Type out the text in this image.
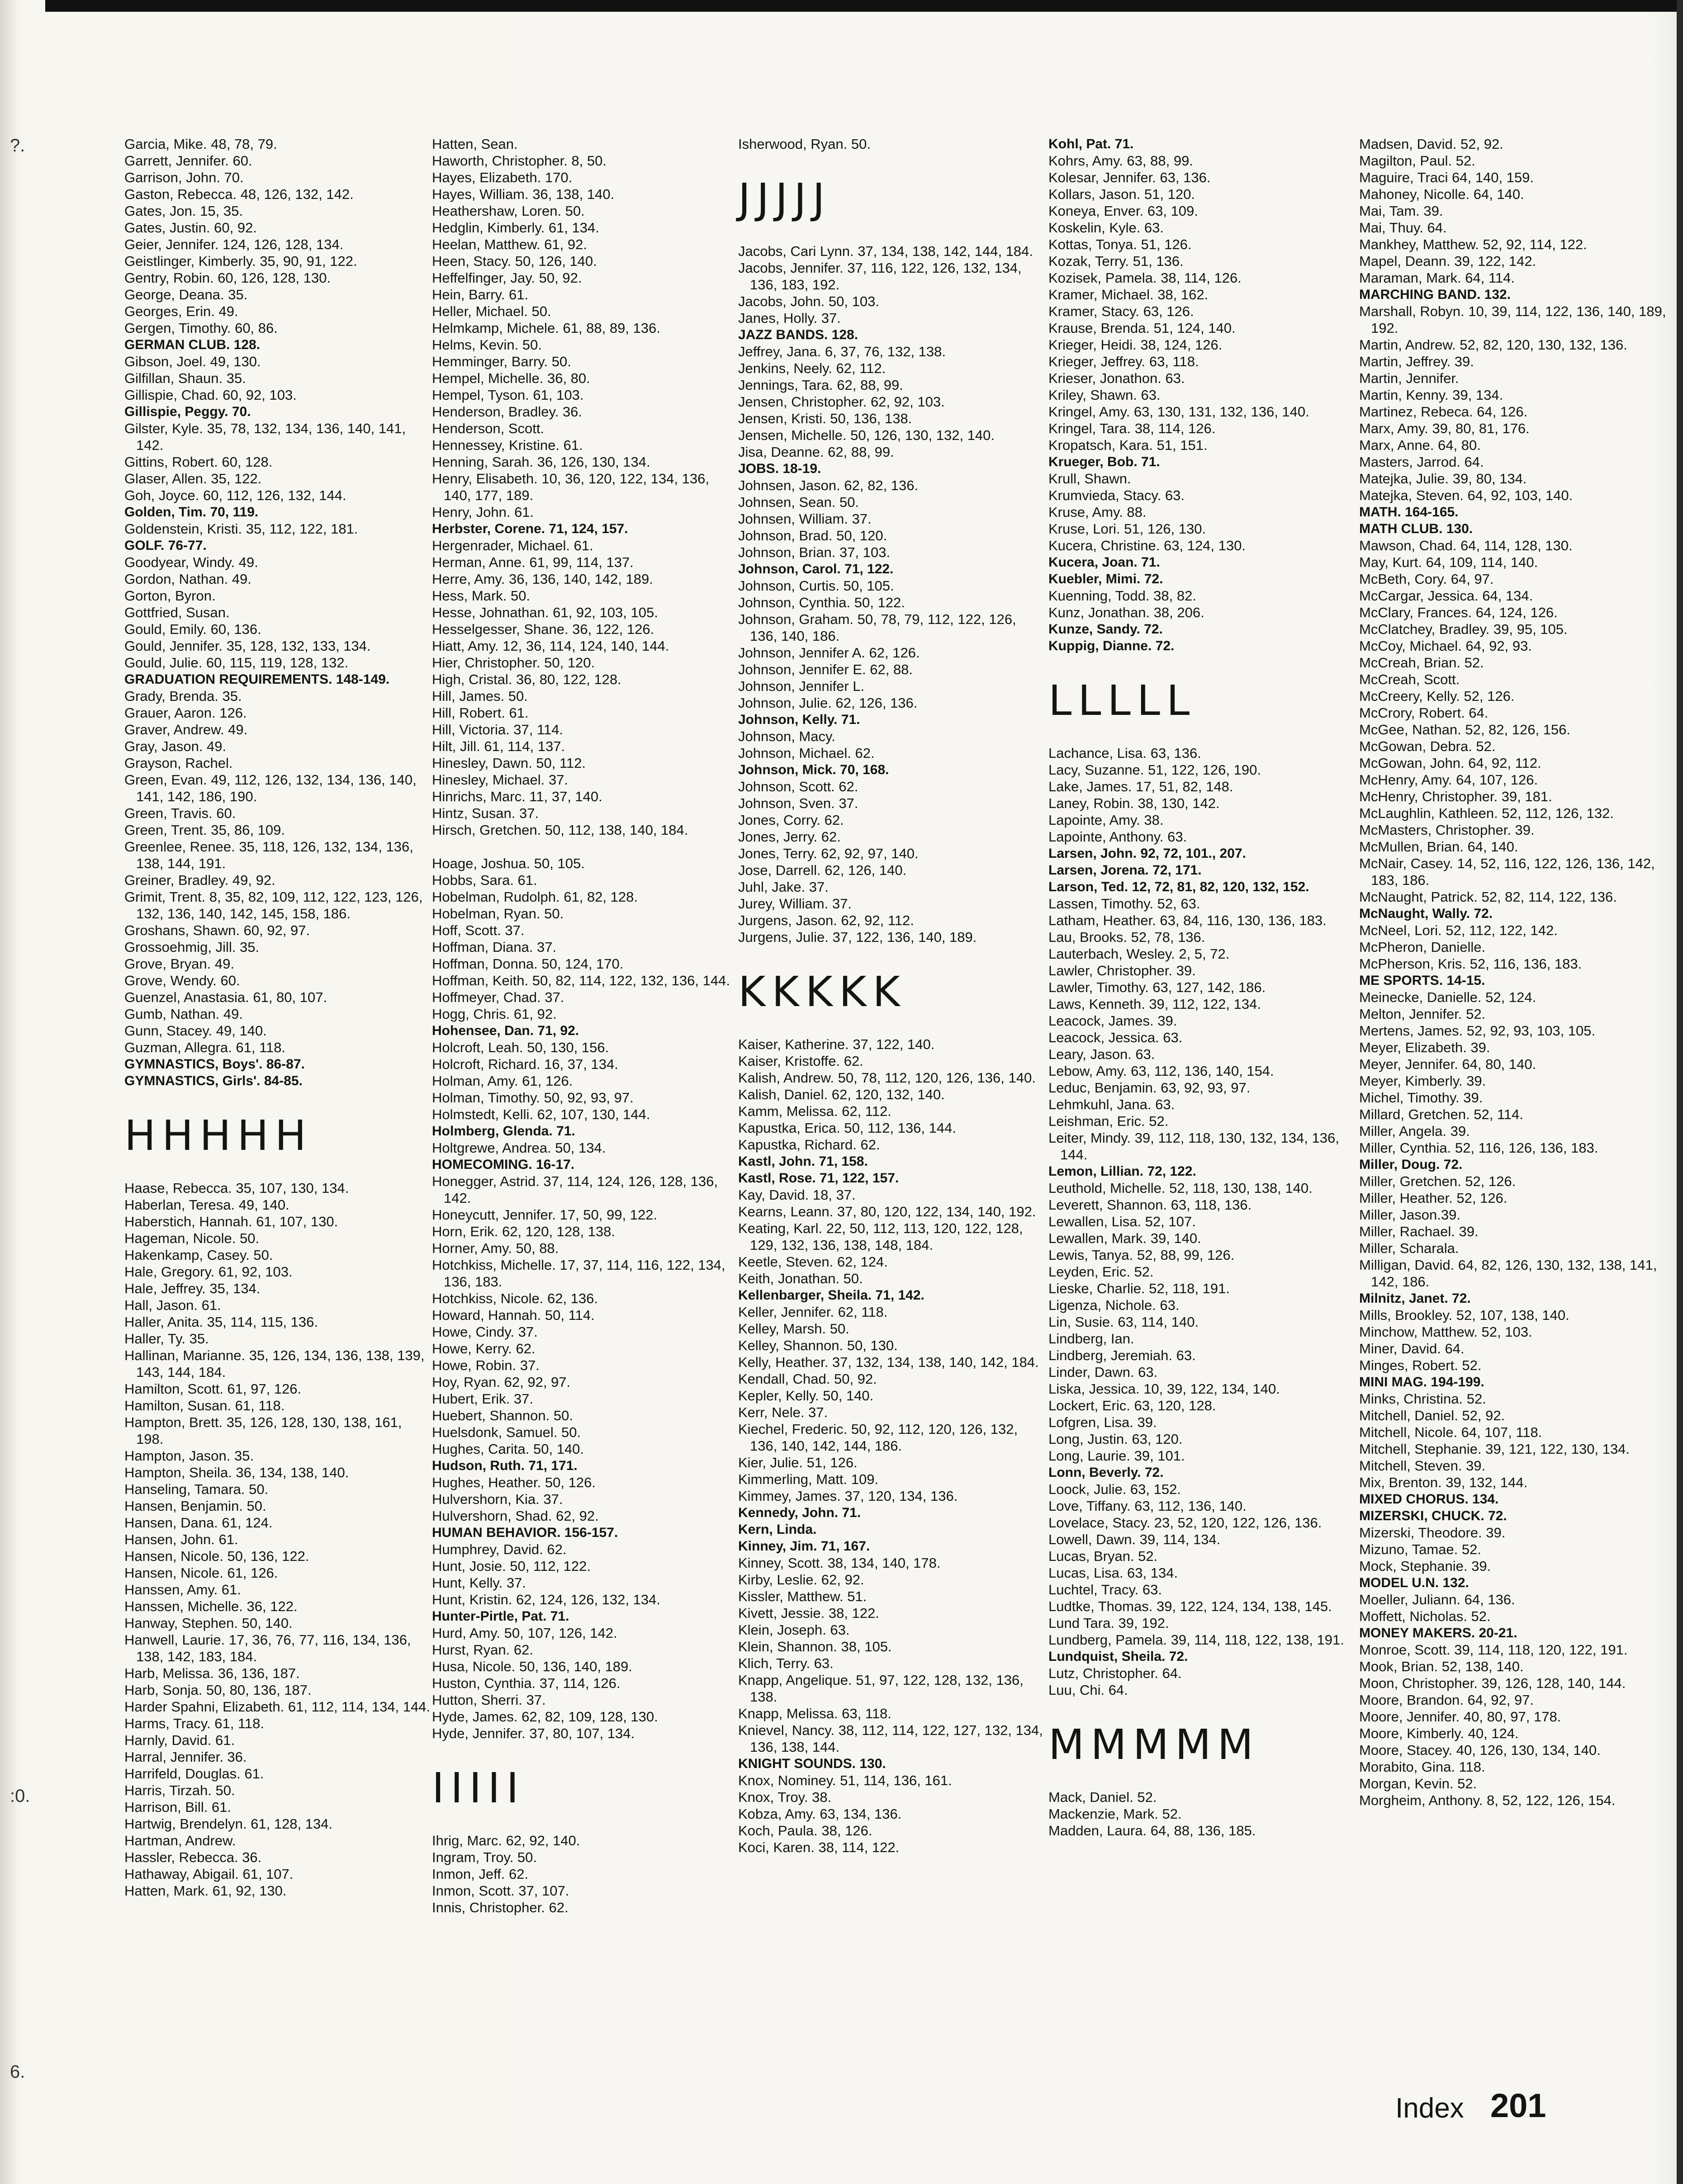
?.
:0.
6.
Garcia, Mike. 48, 78, 79.
Garrett, Jennifer. 60.
Garrison, John. 70.
Gaston, Rebecca. 48, 126, 132, 142.
Gates, Jon. 15, 35.
Gates, Justin. 60, 92.
Geier, Jennifer. 124, 126, 128, 134.
Geistlinger, Kimberly. 35, 90, 91, 122.
Gentry, Robin. 60, 126, 128, 130.
George, Deana. 35.
Georges, Erin. 49.
Gergen, Timothy. 60, 86.
GERMAN CLUB. 128.
Gibson, Joel. 49, 130.
Gilfillan, Shaun. 35.
Gillispie, Chad. 60, 92, 103.
Gillispie, Peggy. 70.
Gilster, Kyle. 35, 78, 132, 134, 136, 140, 141, 142.
Gittins, Robert. 60, 128.
Glaser, Allen. 35, 122.
Goh, Joyce. 60, 112, 126, 132, 144.
Golden, Tim. 70, 119.
Goldenstein, Kristi. 35, 112, 122, 181.
GOLF. 76-77.
Goodyear, Windy. 49.
Gordon, Nathan. 49.
Gorton, Byron.
Gottfried, Susan.
Gould, Emily. 60, 136.
Gould, Jennifer. 35, 128, 132, 133, 134.
Gould, Julie. 60, 115, 119, 128, 132.
GRADUATION REQUIREMENTS. 148-149.
Grady, Brenda. 35.
Grauer, Aaron. 126.
Graver, Andrew. 49.
Gray, Jason. 49.
Grayson, Rachel.
Green, Evan. 49, 112, 126, 132, 134, 136, 140, 141, 142, 186, 190.
Green, Travis. 60.
Green, Trent. 35, 86, 109.
Greenlee, Renee. 35, 118, 126, 132, 134, 136, 138, 144, 191.
Greiner, Bradley. 49, 92.
Grimit, Trent. 8, 35, 82, 109, 112, 122, 123, 126, 132, 136, 140, 142, 145, 158, 186.
Groshans, Shawn. 60, 92, 97.
Grossoehmig, Jill. 35.
Grove, Bryan. 49.
Grove, Wendy. 60.
Guenzel, Anastasia. 61, 80, 107.
Gumb, Nathan. 49.
Gunn, Stacey. 49, 140.
Guzman, Allegra. 61, 118.
GYMNASTICS, Boys'. 86-87.
GYMNASTICS, Girls'. 84-85.
HHHHH
Haase, Rebecca. 35, 107, 130, 134.
Haberlan, Teresa. 49, 140.
Haberstich, Hannah. 61, 107, 130.
Hageman, Nicole. 50.
Hakenkamp, Casey. 50.
Hale, Gregory. 61, 92, 103.
Hale, Jeffrey. 35, 134.
Hall, Jason. 61.
Haller, Anita. 35, 114, 115, 136.
Haller, Ty. 35.
Hallinan, Marianne. 35, 126, 134, 136, 138, 139, 143, 144, 184.
Hamilton, Scott. 61, 97, 126.
Hamilton, Susan. 61, 118.
Hampton, Brett. 35, 126, 128, 130, 138, 161, 198.
Hampton, Jason. 35.
Hampton, Sheila. 36, 134, 138, 140.
Hanseling, Tamara. 50.
Hansen, Benjamin. 50.
Hansen, Dana. 61, 124.
Hansen, John. 61.
Hansen, Nicole. 50, 136, 122.
Hansen, Nicole. 61, 126.
Hanssen, Amy. 61.
Hanssen, Michelle. 36, 122.
Hanway, Stephen. 50, 140.
Hanwell, Laurie. 17, 36, 76, 77, 116, 134, 136, 138, 142, 183, 184.
Harb, Melissa. 36, 136, 187.
Harb, Sonja. 50, 80, 136, 187.
Harder Spahni, Elizabeth. 61, 112, 114, 134, 144.
Harms, Tracy. 61, 118.
Harnly, David. 61.
Harral, Jennifer. 36.
Harrifeld, Douglas. 61.
Harris, Tirzah. 50.
Harrison, Bill. 61.
Hartwig, Brendelyn. 61, 128, 134.
Hartman, Andrew.
Hassler, Rebecca. 36.
Hathaway, Abigail. 61, 107.
Hatten, Mark. 61, 92, 130.
Hatten, Sean.
Haworth, Christopher. 8, 50.
Hayes, Elizabeth. 170.
Hayes, William. 36, 138, 140.
Heathershaw, Loren. 50.
Hedglin, Kimberly. 61, 134.
Heelan, Matthew. 61, 92.
Heen, Stacy. 50, 126, 140.
Heffelfinger, Jay. 50, 92.
Hein, Barry. 61.
Heller, Michael. 50.
Helmkamp, Michele. 61, 88, 89, 136.
Helms, Kevin. 50.
Hemminger, Barry. 50.
Hempel, Michelle. 36, 80.
Hempel, Tyson. 61, 103.
Henderson, Bradley. 36.
Henderson, Scott.
Hennessey, Kristine. 61.
Henning, Sarah. 36, 126, 130, 134.
Henry, Elisabeth. 10, 36, 120, 122, 134, 136, 140, 177, 189.
Henry, John. 61.
Herbster, Corene. 71, 124, 157.
Hergenrader, Michael. 61.
Herman, Anne. 61, 99, 114, 137.
Herre, Amy. 36, 136, 140, 142, 189.
Hess, Mark. 50.
Hesse, Johnathan. 61, 92, 103, 105.
Hesselgesser, Shane. 36, 122, 126.
Hiatt, Amy. 12, 36, 114, 124, 140, 144.
Hier, Christopher. 50, 120.
High, Cristal. 36, 80, 122, 128.
Hill, James. 50.
Hill, Robert. 61.
Hill, Victoria. 37, 114.
Hilt, Jill. 61, 114, 137.
Hinesley, Dawn. 50, 112.
Hinesley, Michael. 37.
Hinrichs, Marc. 11, 37, 140.
Hintz, Susan. 37.
Hirsch, Gretchen. 50, 112, 138, 140, 184.
Hoage, Joshua. 50, 105.
Hobbs, Sara. 61.
Hobelman, Rudolph. 61, 82, 128.
Hobelman, Ryan. 50.
Hoff, Scott. 37.
Hoffman, Diana. 37.
Hoffman, Donna. 50, 124, 170.
Hoffman, Keith. 50, 82, 114, 122, 132, 136, 144.
Hoffmeyer, Chad. 37.
Hogg, Chris. 61, 92.
Hohensee, Dan. 71, 92.
Holcroft, Leah. 50, 130, 156.
Holcroft, Richard. 16, 37, 134.
Holman, Amy. 61, 126.
Holman, Timothy. 50, 92, 93, 97.
Holmstedt, Kelli. 62, 107, 130, 144.
Holmberg, Glenda. 71.
Holtgrewe, Andrea. 50, 134.
HOMECOMING. 16-17.
Honegger, Astrid. 37, 114, 124, 126, 128, 136, 142.
Honeycutt, Jennifer. 17, 50, 99, 122.
Horn, Erik. 62, 120, 128, 138.
Horner, Amy. 50, 88.
Hotchkiss, Michelle. 17, 37, 114, 116, 122, 134, 136, 183.
Hotchkiss, Nicole. 62, 136.
Howard, Hannah. 50, 114.
Howe, Cindy. 37.
Howe, Kerry. 62.
Howe, Robin. 37.
Hoy, Ryan. 62, 92, 97.
Hubert, Erik. 37.
Huebert, Shannon. 50.
Huelsdonk, Samuel. 50.
Hughes, Carita. 50, 140.
Hudson, Ruth. 71, 171.
Hughes, Heather. 50, 126.
Hulvershorn, Kia. 37.
Hulvershorn, Shad. 62, 92.
HUMAN BEHAVIOR. 156-157.
Humphrey, David. 62.
Hunt, Josie. 50, 112, 122.
Hunt, Kelly. 37.
Hunt, Kristin. 62, 124, 126, 132, 134.
Hunter-Pirtle, Pat. 71.
Hurd, Amy. 50, 107, 126, 142.
Hurst, Ryan. 62.
Husa, Nicole. 50, 136, 140, 189.
Huston, Cynthia. 37, 114, 126.
Hutton, Sherri. 37.
Hyde, James. 62, 82, 109, 128, 130.
Hyde, Jennifer. 37, 80, 107, 134.
IIIII
Ihrig, Marc. 62, 92, 140.
Ingram, Troy. 50.
Inmon, Jeff. 62.
Inmon, Scott. 37, 107.
Innis, Christopher. 62.
Isherwood, Ryan. 50.
JJJJJ
Jacobs, Cari Lynn. 37, 134, 138, 142, 144, 184.
Jacobs, Jennifer. 37, 116, 122, 126, 132, 134, 136, 183, 192.
Jacobs, John. 50, 103.
Janes, Holly. 37.
JAZZ BANDS. 128.
Jeffrey, Jana. 6, 37, 76, 132, 138.
Jenkins, Neely. 62, 112.
Jennings, Tara. 62, 88, 99.
Jensen, Christopher. 62, 92, 103.
Jensen, Kristi. 50, 136, 138.
Jensen, Michelle. 50, 126, 130, 132, 140.
Jisa, Deanne. 62, 88, 99.
JOBS. 18-19.
Johnsen, Jason. 62, 82, 136.
Johnsen, Sean. 50.
Johnsen, William. 37.
Johnson, Brad. 50, 120.
Johnson, Brian. 37, 103.
Johnson, Carol. 71, 122.
Johnson, Curtis. 50, 105.
Johnson, Cynthia. 50, 122.
Johnson, Graham. 50, 78, 79, 112, 122, 126, 136, 140, 186.
Johnson, Jennifer A. 62, 126.
Johnson, Jennifer E. 62, 88.
Johnson, Jennifer L.
Johnson, Julie. 62, 126, 136.
Johnson, Kelly. 71.
Johnson, Macy.
Johnson, Michael. 62.
Johnson, Mick. 70, 168.
Johnson, Scott. 62.
Johnson, Sven. 37.
Jones, Corry. 62.
Jones, Jerry. 62.
Jones, Terry. 62, 92, 97, 140.
Jose, Darrell. 62, 126, 140.
Juhl, Jake. 37.
Jurey, William. 37.
Jurgens, Jason. 62, 92, 112.
Jurgens, Julie. 37, 122, 136, 140, 189.
KKKKK
Kaiser, Katherine. 37, 122, 140.
Kaiser, Kristoffe. 62.
Kalish, Andrew. 50, 78, 112, 120, 126, 136, 140.
Kalish, Daniel. 62, 120, 132, 140.
Kamm, Melissa. 62, 112.
Kapustka, Erica. 50, 112, 136, 144.
Kapustka, Richard. 62.
Kastl, John. 71, 158.
Kastl, Rose. 71, 122, 157.
Kay, David. 18, 37.
Kearns, Leann. 37, 80, 120, 122, 134, 140, 192.
Keating, Karl. 22, 50, 112, 113, 120, 122, 128, 129, 132, 136, 138, 148, 184.
Keetle, Steven. 62, 124.
Keith, Jonathan. 50.
Kellenbarger, Sheila. 71, 142.
Keller, Jennifer. 62, 118.
Kelley, Marsh. 50.
Kelley, Shannon. 50, 130.
Kelly, Heather. 37, 132, 134, 138, 140, 142, 184.
Kendall, Chad. 50, 92.
Kepler, Kelly. 50, 140.
Kerr, Nele. 37.
Kiechel, Frederic. 50, 92, 112, 120, 126, 132, 136, 140, 142, 144, 186.
Kier, Julie. 51, 126.
Kimmerling, Matt. 109.
Kimmey, James. 37, 120, 134, 136.
Kennedy, John. 71.
Kern, Linda.
Kinney, Jim. 71, 167.
Kinney, Scott. 38, 134, 140, 178.
Kirby, Leslie. 62, 92.
Kissler, Matthew. 51.
Kivett, Jessie. 38, 122.
Klein, Joseph. 63.
Klein, Shannon. 38, 105.
Klich, Terry. 63.
Knapp, Angelique. 51, 97, 122, 128, 132, 136, 138.
Knapp, Melissa. 63, 118.
Knievel, Nancy. 38, 112, 114, 122, 127, 132, 134, 136, 138, 144.
KNIGHT SOUNDS. 130.
Knox, Nominey. 51, 114, 136, 161.
Knox, Troy. 38.
Kobza, Amy. 63, 134, 136.
Koch, Paula. 38, 126.
Koci, Karen. 38, 114, 122.
Kohl, Pat. 71.
Kohrs, Amy. 63, 88, 99.
Kolesar, Jennifer. 63, 136.
Kollars, Jason. 51, 120.
Koneya, Enver. 63, 109.
Koskelin, Kyle. 63.
Kottas, Tonya. 51, 126.
Kozak, Terry. 51, 136.
Kozisek, Pamela. 38, 114, 126.
Kramer, Michael. 38, 162.
Kramer, Stacy. 63, 126.
Krause, Brenda. 51, 124, 140.
Krieger, Heidi. 38, 124, 126.
Krieger, Jeffrey. 63, 118.
Krieser, Jonathon. 63.
Kriley, Shawn. 63.
Kringel, Amy. 63, 130, 131, 132, 136, 140.
Kringel, Tara. 38, 114, 126.
Kropatsch, Kara. 51, 151.
Krueger, Bob. 71.
Krull, Shawn.
Krumvieda, Stacy. 63.
Kruse, Amy. 88.
Kruse, Lori. 51, 126, 130.
Kucera, Christine. 63, 124, 130.
Kucera, Joan. 71.
Kuebler, Mimi. 72.
Kuenning, Todd. 38, 82.
Kunz, Jonathan. 38, 206.
Kunze, Sandy. 72.
Kuppig, Dianne. 72.
LLLLL
Lachance, Lisa. 63, 136.
Lacy, Suzanne. 51, 122, 126, 190.
Lake, James. 17, 51, 82, 148.
Laney, Robin. 38, 130, 142.
Lapointe, Amy. 38.
Lapointe, Anthony. 63.
Larsen, John. 92, 72, 101., 207.
Larsen, Jorena. 72, 171.
Larson, Ted. 12, 72, 81, 82, 120, 132, 152.
Lassen, Timothy. 52, 63.
Latham, Heather. 63, 84, 116, 130, 136, 183.
Lau, Brooks. 52, 78, 136.
Lauterbach, Wesley. 2, 5, 72.
Lawler, Christopher. 39.
Lawler, Timothy. 63, 127, 142, 186.
Laws, Kenneth. 39, 112, 122, 134.
Leacock, James. 39.
Leacock, Jessica. 63.
Leary, Jason. 63.
Lebow, Amy. 63, 112, 136, 140, 154.
Leduc, Benjamin. 63, 92, 93, 97.
Lehmkuhl, Jana. 63.
Leishman, Eric. 52.
Leiter, Mindy. 39, 112, 118, 130, 132, 134, 136, 144.
Lemon, Lillian. 72, 122.
Leuthold, Michelle. 52, 118, 130, 138, 140.
Leverett, Shannon. 63, 118, 136.
Lewallen, Lisa. 52, 107.
Lewallen, Mark. 39, 140.
Lewis, Tanya. 52, 88, 99, 126.
Leyden, Eric. 52.
Lieske, Charlie. 52, 118, 191.
Ligenza, Nichole. 63.
Lin, Susie. 63, 114, 140.
Lindberg, Ian.
Lindberg, Jeremiah. 63.
Linder, Dawn. 63.
Liska, Jessica. 10, 39, 122, 134, 140.
Lockert, Eric. 63, 120, 128.
Lofgren, Lisa. 39.
Long, Justin. 63, 120.
Long, Laurie. 39, 101.
Lonn, Beverly. 72.
Loock, Julie. 63, 152.
Love, Tiffany. 63, 112, 136, 140.
Lovelace, Stacy. 23, 52, 120, 122, 126, 136.
Lowell, Dawn. 39, 114, 134.
Lucas, Bryan. 52.
Lucas, Lisa. 63, 134.
Luchtel, Tracy. 63.
Ludtke, Thomas. 39, 122, 124, 134, 138, 145.
Lund Tara. 39, 192.
Lundberg, Pamela. 39, 114, 118, 122, 138, 191.
Lundquist, Sheila. 72.
Lutz, Christopher. 64.
Luu, Chi. 64.
MMMMM
Mack, Daniel. 52.
Mackenzie, Mark. 52.
Madden, Laura. 64, 88, 136, 185.
Madsen, David. 52, 92.
Magilton, Paul. 52.
Maguire, Traci 64, 140, 159.
Mahoney, Nicolle. 64, 140.
Mai, Tam. 39.
Mai, Thuy. 64.
Mankhey, Matthew. 52, 92, 114, 122.
Mapel, Deann. 39, 122, 142.
Maraman, Mark. 64, 114.
MARCHING BAND. 132.
Marshall, Robyn. 10, 39, 114, 122, 136, 140, 189, 192.
Martin, Andrew. 52, 82, 120, 130, 132, 136.
Martin, Jeffrey. 39.
Martin, Jennifer.
Martin, Kenny. 39, 134.
Martinez, Rebeca. 64, 126.
Marx, Amy. 39, 80, 81, 176.
Marx, Anne. 64, 80.
Masters, Jarrod. 64.
Matejka, Julie. 39, 80, 134.
Matejka, Steven. 64, 92, 103, 140.
MATH. 164-165.
MATH CLUB. 130.
Mawson, Chad. 64, 114, 128, 130.
May, Kurt. 64, 109, 114, 140.
McBeth, Cory. 64, 97.
McCargar, Jessica. 64, 134.
McClary, Frances. 64, 124, 126.
McClatchey, Bradley. 39, 95, 105.
McCoy, Michael. 64, 92, 93.
McCreah, Brian. 52.
McCreah, Scott.
McCreery, Kelly. 52, 126.
McCrory, Robert. 64.
McGee, Nathan. 52, 82, 126, 156.
McGowan, Debra. 52.
McGowan, John. 64, 92, 112.
McHenry, Amy. 64, 107, 126.
McHenry, Christopher. 39, 181.
McLaughlin, Kathleen. 52, 112, 126, 132.
McMasters, Christopher. 39.
McMullen, Brian. 64, 140.
McNair, Casey. 14, 52, 116, 122, 126, 136, 142, 183, 186.
McNaught, Patrick. 52, 82, 114, 122, 136.
McNaught, Wally. 72.
McNeel, Lori. 52, 112, 122, 142.
McPheron, Danielle.
McPherson, Kris. 52, 116, 136, 183.
ME SPORTS. 14-15.
Meinecke, Danielle. 52, 124.
Melton, Jennifer. 52.
Mertens, James. 52, 92, 93, 103, 105.
Meyer, Elizabeth. 39.
Meyer, Jennifer. 64, 80, 140.
Meyer, Kimberly. 39.
Michel, Timothy. 39.
Millard, Gretchen. 52, 114.
Miller, Angela. 39.
Miller, Cynthia. 52, 116, 126, 136, 183.
Miller, Doug. 72.
Miller, Gretchen. 52, 126.
Miller, Heather. 52, 126.
Miller, Jason.39.
Miller, Rachael. 39.
Miller, Scharala.
Milligan, David. 64, 82, 126, 130, 132, 138, 141, 142, 186.
Milnitz, Janet. 72.
Mills, Brookley. 52, 107, 138, 140.
Minchow, Matthew. 52, 103.
Miner, David. 64.
Minges, Robert. 52.
MINI MAG. 194-199.
Minks, Christina. 52.
Mitchell, Daniel. 52, 92.
Mitchell, Nicole. 64, 107, 118.
Mitchell, Stephanie. 39, 121, 122, 130, 134.
Mitchell, Steven. 39.
Mix, Brenton. 39, 132, 144.
MIXED CHORUS. 134.
MIZERSKI, CHUCK. 72.
Mizerski, Theodore. 39.
Mizuno, Tamae. 52.
Mock, Stephanie. 39.
MODEL U.N. 132.
Moeller, Juliann. 64, 136.
Moffett, Nicholas. 52.
MONEY MAKERS. 20-21.
Monroe, Scott. 39, 114, 118, 120, 122, 191.
Mook, Brian. 52, 138, 140.
Moon, Christopher. 39, 126, 128, 140, 144.
Moore, Brandon. 64, 92, 97.
Moore, Jennifer. 40, 80, 97, 178.
Moore, Kimberly. 40, 124.
Moore, Stacey. 40, 126, 130, 134, 140.
Morabito, Gina. 118.
Morgan, Kevin. 52.
Morgheim, Anthony. 8, 52, 122, 126, 154.
Index 201
